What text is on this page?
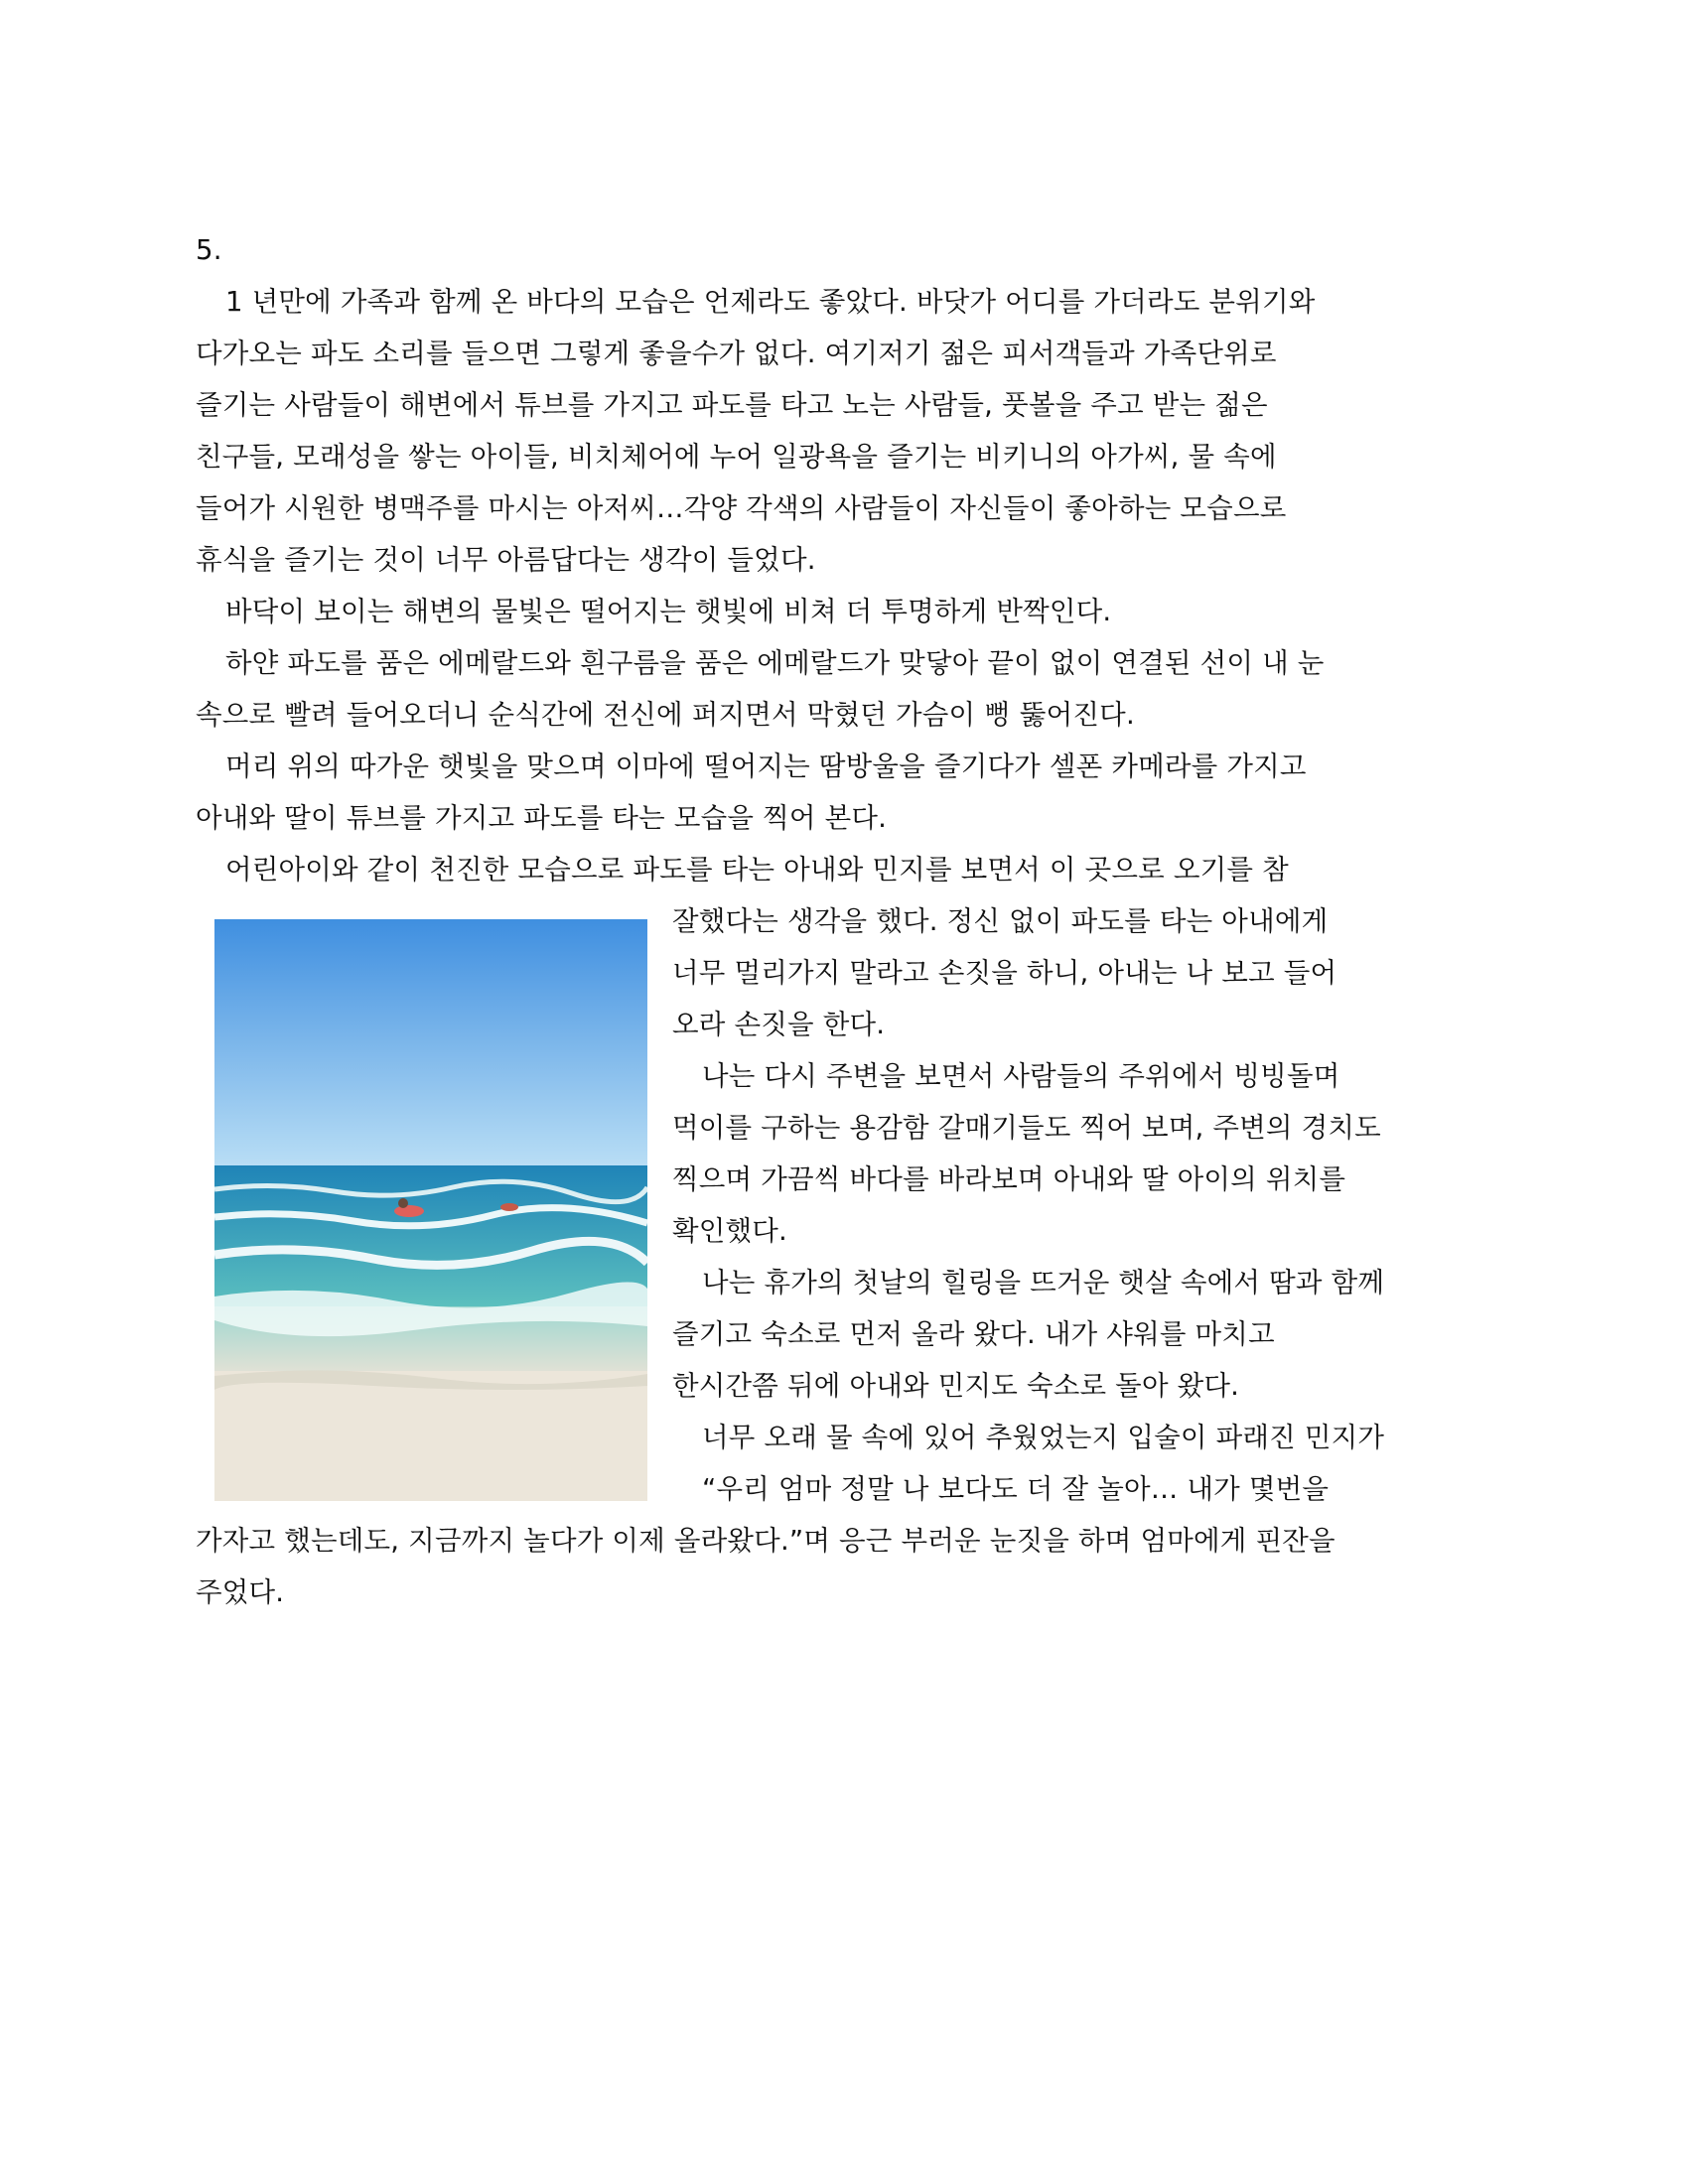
5.
1 년만에 가족과 함께 온 바다의 모습은 언제라도 좋았다. 바닷가 어디를 가더라도 분위기와
다가오는 파도 소리를 들으면 그렇게 좋을수가 없다. 여기저기 젊은 피서객들과 가족단위로
즐기는 사람들이 해변에서 튜브를 가지고 파도를 타고 노는 사람들, 풋볼을 주고 받는 젊은
친구들, 모래성을 쌓는 아이들, 비치체어에 누어 일광욕을 즐기는 비키니의 아가씨, 물 속에
들어가 시원한 병맥주를 마시는 아저씨…각양 각색의 사람들이 자신들이 좋아하는 모습으로
휴식을 즐기는 것이 너무 아름답다는 생각이 들었다.
바닥이 보이는 해변의 물빛은 떨어지는 햇빛에 비쳐 더 투명하게 반짝인다.
하얀 파도를 품은 에메랄드와 흰구름을 품은 에메랄드가 맞닿아 끝이 없이 연결된 선이 내 눈
속으로 빨려 들어오더니 순식간에 전신에 퍼지면서 막혔던 가슴이 뻥 뚫어진다.
머리 위의 따가운 햇빛을 맞으며 이마에 떨어지는 땀방울을 즐기다가 셀폰 카메라를 가지고
아내와 딸이 튜브를 가지고 파도를 타는 모습을 찍어 본다.
어린아이와 같이 천진한 모습으로 파도를 타는 아내와 민지를 보면서 이 곳으로 오기를 참
잘했다는 생각을 했다. 정신 없이 파도를 타는 아내에게
너무 멀리가지 말라고 손짓을 하니, 아내는 나 보고 들어
오라 손짓을 한다.
나는 다시 주변을 보면서 사람들의 주위에서 빙빙돌며
먹이를 구하는 용감함 갈매기들도 찍어 보며, 주변의 경치도
찍으며 가끔씩 바다를 바라보며 아내와 딸 아이의 위치를
확인했다.
나는 휴가의 첫날의 힐링을 뜨거운 햇살 속에서 땀과 함께
즐기고 숙소로 먼저 올라 왔다. 내가 샤워를 마치고
한시간쯤 뒤에 아내와 민지도 숙소로 돌아 왔다.
너무 오래 물 속에 있어 추웠었는지 입술이 파래진 민지가
“우리 엄마 정말 나 보다도 더 잘 놀아… 내가 몇번을
가자고 했는데도, 지금까지 놀다가 이제 올라왔다.”며 응근 부러운 눈짓을 하며 엄마에게 핀잔을
주었다.
